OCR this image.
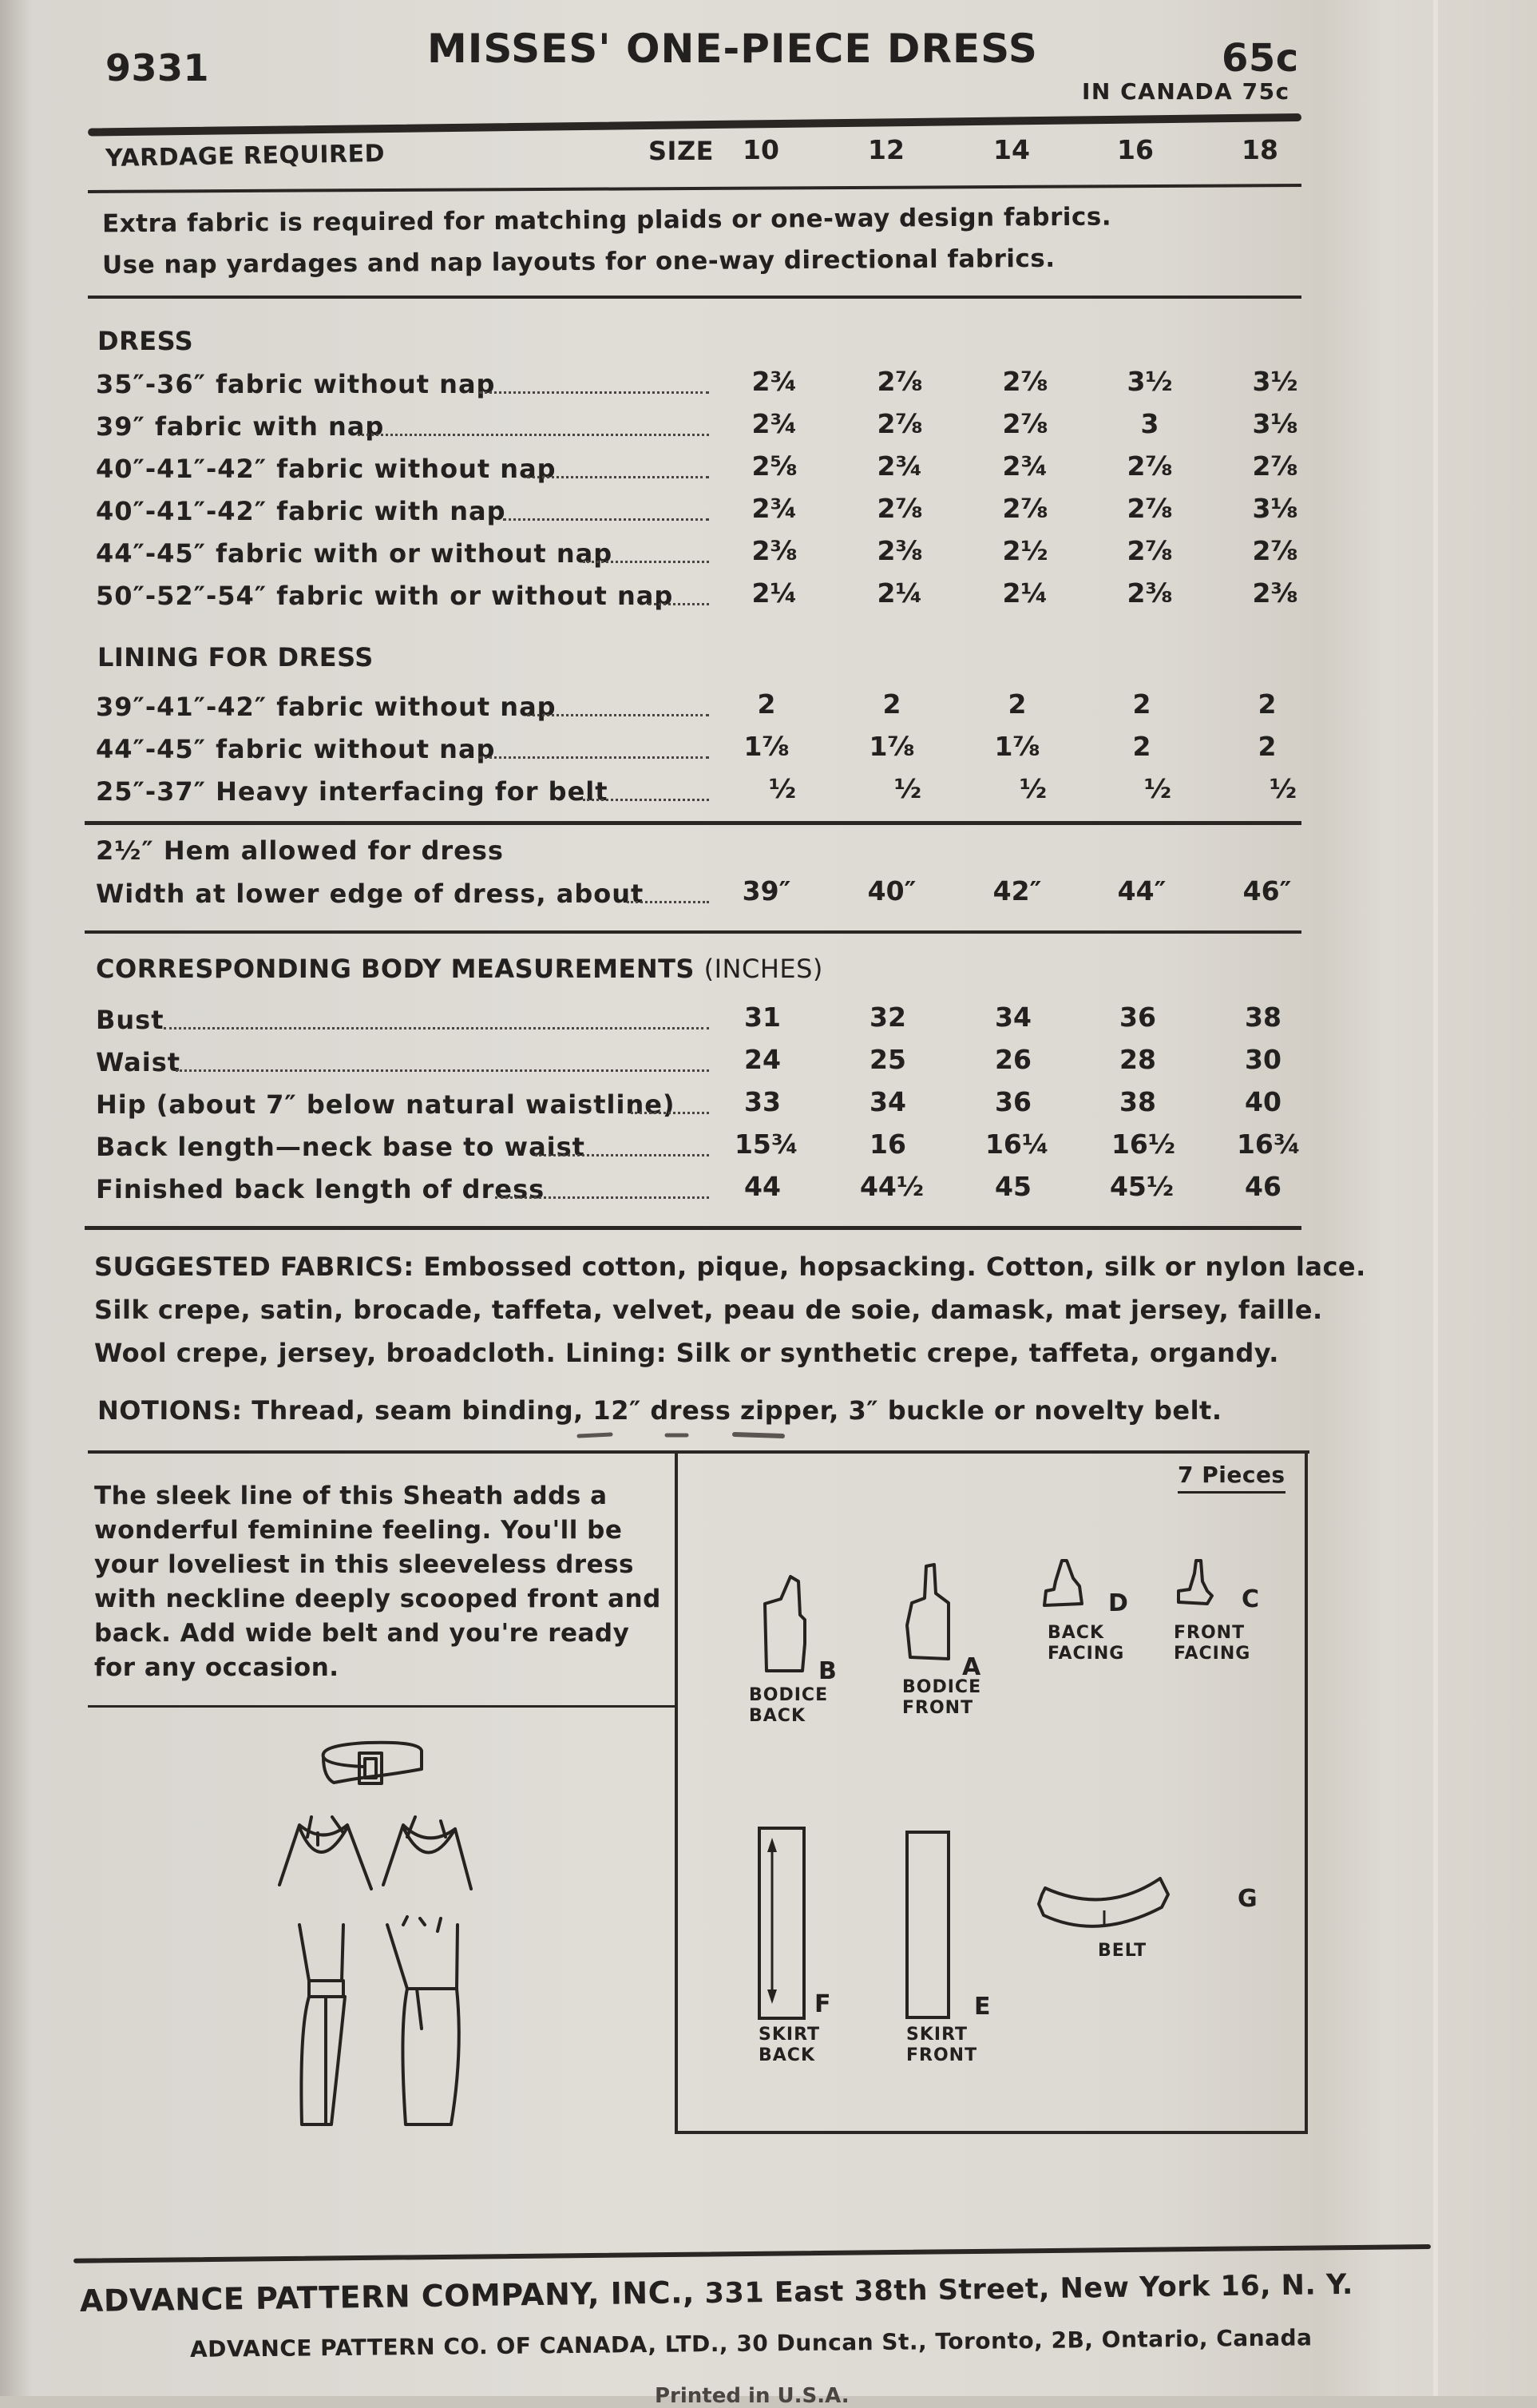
9331	MISSES' ONE-PIECE DRESS	65c
IN CANADA 75c
YARDAGE REQUIRED	SIZE	10	12	14	16	18
Extra fabric is required for matching plaids or one-way design fabrics.
Use nap yardages and nap layouts for one-way directional fabrics.
DRESS
35″-36″ fabric without nap	2¾	2⅞	2⅞	3½	3½
39″ fabric with nap	2¾	2⅞	2⅞	3	3⅛
40″-41″-42″ fabric without nap	2⅝	2¾	2¾	2⅞	2⅞
40″-41″-42″ fabric with nap	2¾	2⅞	2⅞	2⅞	3⅛
44″-45″ fabric with or without nap	2⅜	2⅜	2½	2⅞	2⅞
50″-52″-54″ fabric with or without nap	2¼	2¼	2¼	2⅜	2⅜
LINING FOR DRESS
39″-41″-42″ fabric without nap	2	2	2	2	2
44″-45″ fabric without nap	1⅞	1⅞	1⅞	2	2
25″-37″ Heavy interfacing for belt	½	½	½	½	½
2½″ Hem allowed for dress
Width at lower edge of dress, about	39″	40″	42″	44″	46″
CORRESPONDING BODY MEASUREMENTS (INCHES)
Bust	31	32	34	36	38
Waist	24	25	26	28	30
Hip (about 7″ below natural waistline)	33	34	36	38	40
Back length—neck base to waist	15¾	16	16¼	16½	16¾
Finished back length of dress	44	44½	45	45½	46
SUGGESTED FABRICS: Embossed cotton, pique, hopsacking. Cotton, silk or nylon lace.
Silk crepe, satin, brocade, taffeta, velvet, peau de soie, damask, mat jersey, faille.
Wool crepe, jersey, broadcloth. Lining: Silk or synthetic crepe, taffeta, organdy.
NOTIONS: Thread, seam binding, 12″ dress zipper, 3″ buckle or novelty belt.
The sleek line of this Sheath adds a
wonderful feminine feeling. You'll be
your loveliest in this sleeveless dress
with neckline deeply scooped front and
back. Add wide belt and you're ready
for any occasion.
7 Pieces
B
BODICE
BACK
A
BODICE
FRONT
D
BACK
FACING
C
FRONT
FACING
F
SKIRT
BACK
E
SKIRT
FRONT
G
BELT
ADVANCE PATTERN COMPANY, INC., 331 East 38th Street, New York 16, N. Y.
ADVANCE PATTERN CO. OF CANADA, LTD., 30 Duncan St., Toronto, 2B, Ontario, Canada
Printed in U.S.A.
